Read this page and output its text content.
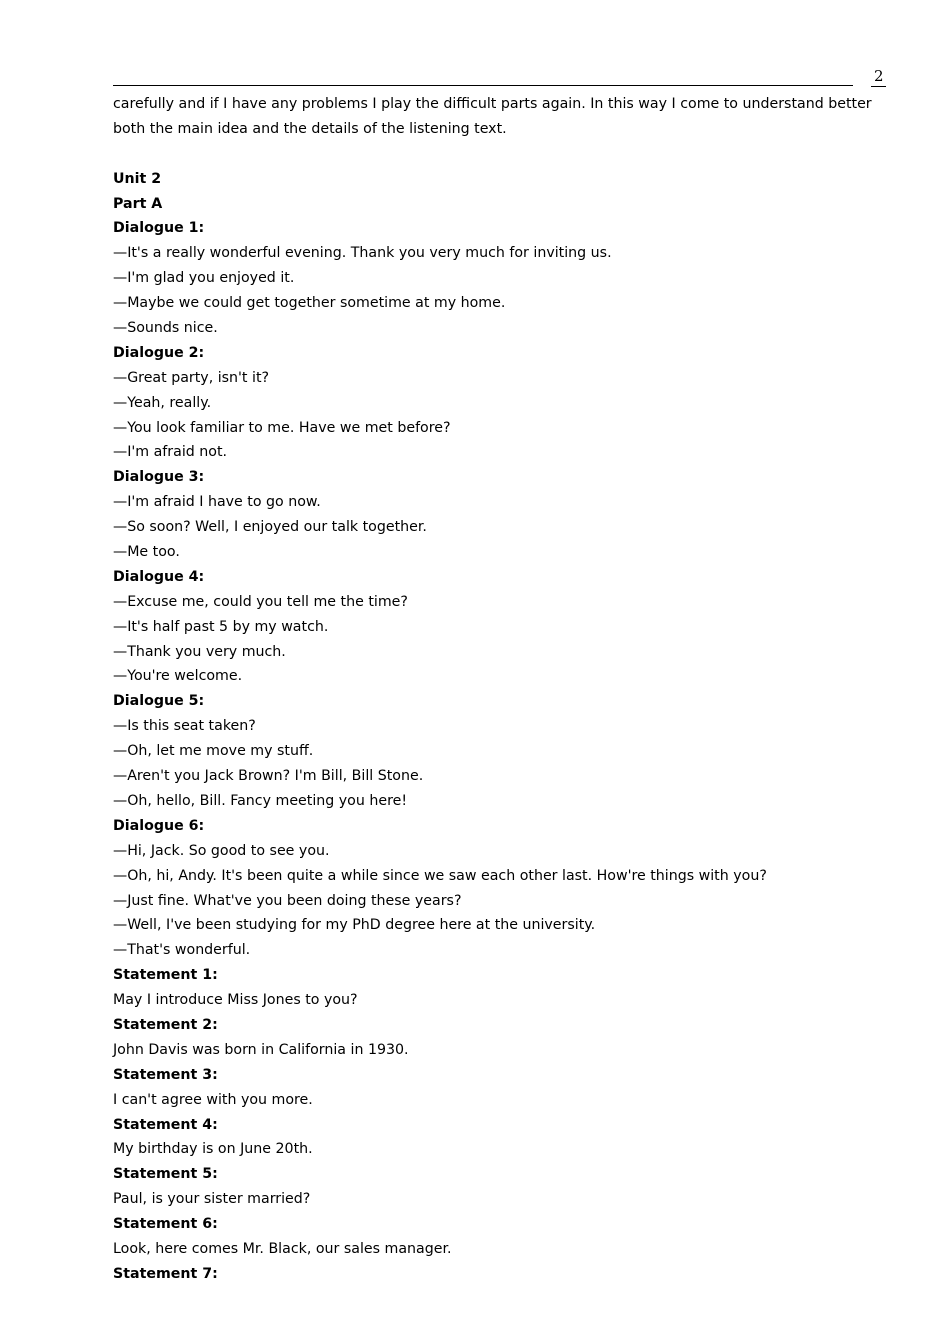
2
carefully and if I have any problems I play the difficult parts again. In this way I come to understand better
both the main idea and the details of the listening text.
Unit 2
Part A
Dialogue 1:
—It's a really wonderful evening. Thank you very much for inviting us.
—I'm glad you enjoyed it.
—Maybe we could get together sometime at my home.
—Sounds nice.
Dialogue 2:
—Great party, isn't it?
—Yeah, really.
—You look familiar to me. Have we met before?
—I'm afraid not.
Dialogue 3:
—I'm afraid I have to go now.
—So soon? Well, I enjoyed our talk together.
—Me too.
Dialogue 4:
—Excuse me, could you tell me the time?
—It's half past 5 by my watch.
—Thank you very much.
—You're welcome.
Dialogue 5:
—Is this seat taken?
—Oh, let me move my stuff.
—Aren't you Jack Brown? I'm Bill, Bill Stone.
—Oh, hello, Bill. Fancy meeting you here!
Dialogue 6:
—Hi, Jack. So good to see you.
—Oh, hi, Andy. It's been quite a while since we saw each other last. How're things with you?
—Just fine. What've you been doing these years?
—Well, I've been studying for my PhD degree here at the university.
—That's wonderful.
Statement 1:
May I introduce Miss Jones to you?
Statement 2:
John Davis was born in California in 1930.
Statement 3:
I can't agree with you more.
Statement 4:
My birthday is on June 20th.
Statement 5:
Paul, is your sister married?
Statement 6:
Look, here comes Mr. Black, our sales manager.
Statement 7:
